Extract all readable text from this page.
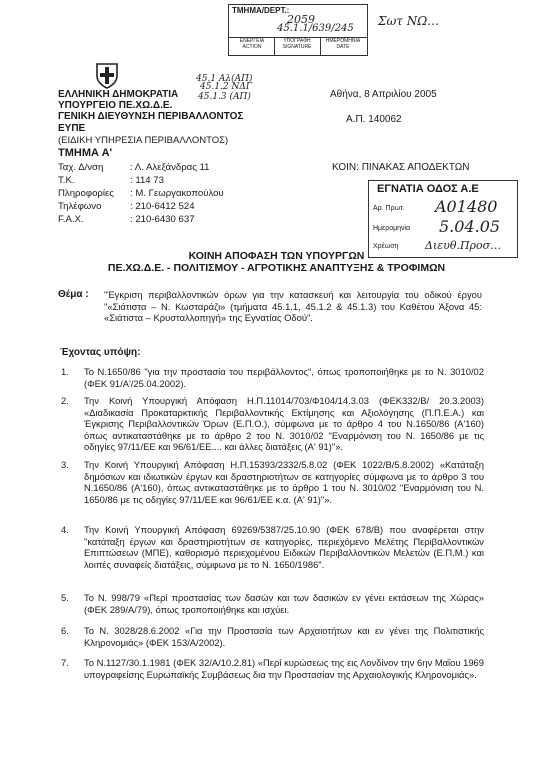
ΤΜΗΜΑ/DEPT.:
2059
45.1.1/639/245
ΕΝΕΡΓΕΙΑ ACTION
ΥΠΟΓΡΑΦΗ SIGNATURE
ΗΜΕΡΟΜΗΝΙΑ DATE
Σωτ ΝΩ…
45.1 Αλ(ΑΠ)
45.1.2 ΝΔΓ
45.1.3 (ΑΠ)
ΕΛΛΗΝΙΚΗ ΔΗΜΟΚΡΑΤΙΑ
ΥΠΟΥΡΓΕΙΟ ΠΕ.ΧΩ.Δ.Ε.
ΓΕΝΙΚΗ ΔΙΕΥΘΥΝΣΗ ΠΕΡΙΒΑΛΛΟΝΤΟΣ
ΕΥΠΕ
(ΕΙΔΙΚΗ ΥΠΗΡΕΣΙΑ ΠΕΡΙΒΑΛΛΟΝΤΟΣ)
ΤΜΗΜΑ Α'
Αθήνα, 8 Απριλίου 2005
Α.Π. 140062
Ταχ. Δ/νση	: Λ. Αλεξάνδρας 11
Τ.Κ.	: 114 73
Πληροφορίες : Μ. Γεωργακοπούλου
Τηλέφωνο	: 210-6412 524
F.A.X.	: 210-6430 637
ΚΟΙΝ: ΠΙΝΑΚΑΣ ΑΠΟΔΕΚΤΩΝ
ΕΓΝΑΤΙΑ ΟΔΟΣ Α.Ε
Αρ. Πρωτ. Α01480
Ημερομηνία 5.04.05
Χρέωση Διευθ.Προσ…
ΚΟΙΝΗ ΑΠΟΦΑΣΗ ΤΩΝ ΥΠΟΥΡΓΩΝ
ΠΕ.ΧΩ.Δ.Ε. - ΠΟΛΙΤΙΣΜΟΥ - ΑΓΡΟΤΙΚΗΣ ΑΝΑΠΤΥΞΗΣ & ΤΡΟΦΙΜΩΝ
Θέμα : "Έγκριση περιβαλλοντικών όρων για την κατασκευή και λειτουργία του οδικού έργου "«Σιάτιστα – Ν. Κωσταράζι» (τμήματα 45.1.1, 45.1.2 & 45.1.3) του Καθέτου Άξονα 45: «Σιάτιστα – Κρυσταλλοπηγή» της Εγνατίας Οδού".
Έχοντας υπόψη:
1. Το Ν.1650/86 "για την προστασία του περιβάλλοντος", όπως τροποποιήθηκε με το Ν. 3010/02 (ΦΕΚ 91/Α'/25.04.2002).
2. Την Κοινή Υπουργική Απόφαση Η.Π.11014/703/Φ104/14.3.03 (ΦΕΚ332/Β/ 20.3.2003) «Διαδικασία Προκαταρκτικής Περιβαλλοντικής Εκτίμησης και Αξιολόγησης (Π.Π.Ε.Α.) και Έγκρισης Περιβαλλοντικών Όρων (Ε.Π.Ο.), σύμφωνα με το άρθρο 4 του Ν.1650/86 (Α'160) όπως αντικαταστάθηκε με το άρθρο 2 του Ν. 3010/02 "Εναρμόνιση του Ν. 1650/86 με τις οδηγίες 97/11/ΕΕ και 96/61/ΕΕ.... και άλλες διατάξεις (Α' 91)"».
3. Την Κοινή Υπουργική Απόφαση Η.Π.15393/2332/5.8.02 (ΦΕΚ 1022/Β/5.8.2002) «Κατάταξη δημόσιων και ιδιωτικών έργων και δραστηριοτήτων σε κατηγορίες σύμφωνα με το άρθρο 3 του Ν.1650/86 (Α'160), όπως αντικαταστάθηκε με το άρθρο 1 του Ν. 3010/02 "Εναρμόνιση του Ν. 1650/86 με τις οδηγίες 97/11/ΕΕ και 96/61/ΕΕ κ.α. (Α' 91)"».
4. Την Κοινή Υπουργική Απόφαση 69269/5387/25.10.90 (ΦΕΚ 678/Β) που αναφέρεται στην "κατάταξη έργων και δραστηριοτήτων σε κατηγορίες, περιεχόμενο Μελέτης Περιβαλλοντικών Επιπτώσεων (ΜΠΕ), καθορισμό περιεχομένου Ειδικών Περιβαλλοντικών Μελετών (Ε.Π.Μ.) και λοιπές συναφείς διατάξεις, σύμφωνα με το Ν. 1650/1986".
5. Το Ν. 998/79 «Περί προστασίας των δασών και των δασικών εν γένει εκτάσεων της Χώρας» (ΦΕΚ 289/Α/79), όπως τροποποιήθηκε και ισχύει.
6. Το Ν. 3028/28.6.2002 «Για την Προστασία των Αρχαιοτήτων και εν γένει της Πολιτιστικής Κληρονομιάς» (ΦΕΚ 153/Α/2002).
7. Το Ν.1127/30.1.1981 (ΦΕΚ 32/Α/10.2.81) «Περί κυρώσεως της εις Λονδίνον την 6ην Μαΐου 1969 υπογραφείσης Ευρωπαϊκής Συμβάσεως δια την Προστασίαν της Αρχαιολογικής Κληρονομιάς».
